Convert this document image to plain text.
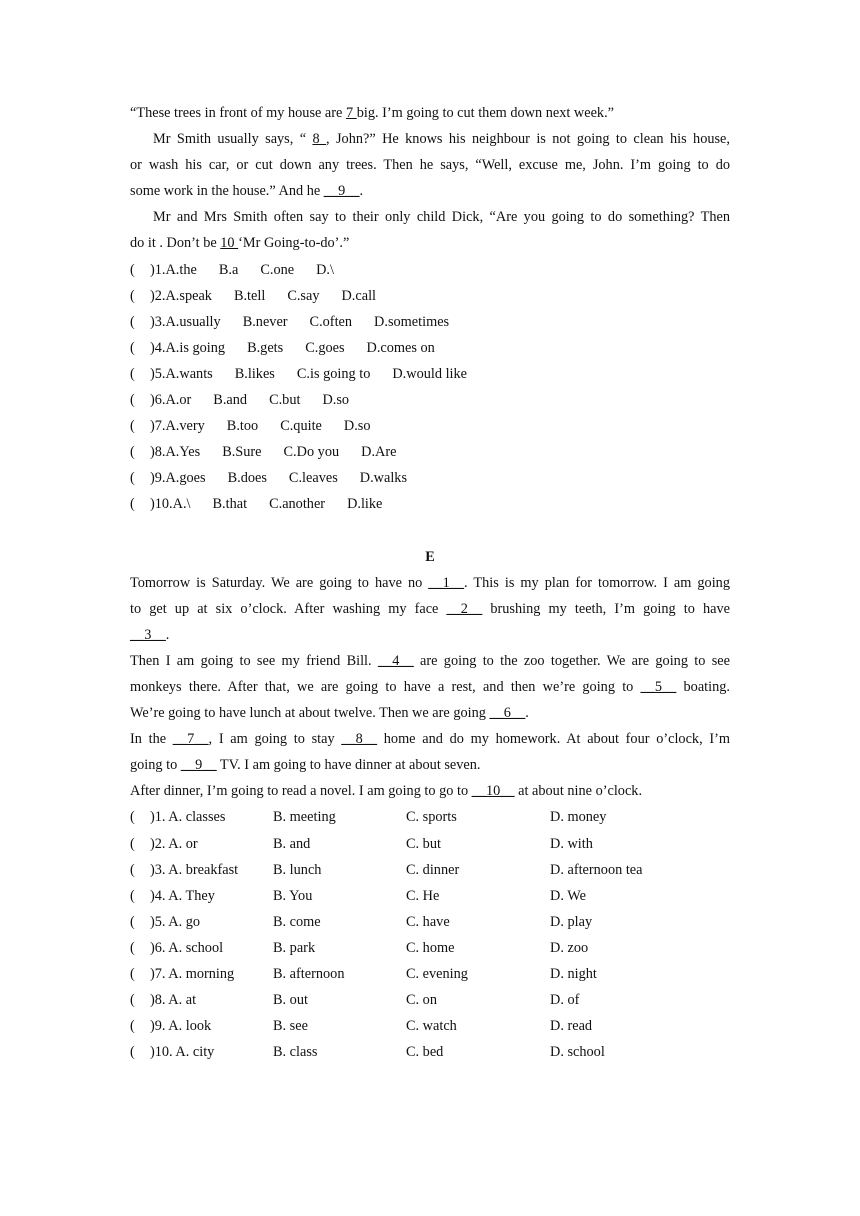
“These trees in front of my house are 7 big. I’m going to cut them down next week.”
Mr Smith usually says, “ 8 , John?” He knows his neighbour is not going to clean his house,
or wash his car, or cut down any trees. Then he says, “Well, excuse me, John. I’m going to do
some work in the house.” And he __9__.
Mr and Mrs Smith often say to their only child Dick, “Are you going to do something? Then
do it . Don’t be 10 ‘Mr Going-to-do’.”
(	)1.A.the B.a C.one D.\
(	)2.A.speak B.tell C.say D.call
(	)3.A.usually B.never C.often D.sometimes
(	)4.A.is going B.gets C.goes D.comes on
(	)5.A.wants B.likes C.is going to D.would like
(	)6.A.or B.and C.but D.so
(	)7.A.very B.too C.quite D.so
(	)8.A.Yes B.Sure C.Do you D.Are
(	)9.A.goes B.does C.leaves D.walks
(	)10.A.\ B.that C.another D.like
E
Tomorrow is Saturday. We are going to have no __1__. This is my plan for tomorrow. I am going
to get up at six o’clock. After washing my face __2__ brushing my teeth, I’m going to have
__3__.
Then I am going to see my friend Bill. __4__ are going to the zoo together. We are going to see
monkeys there. After that, we are going to have a rest, and then we’re going to __5__ boating.
We’re going to have lunch at about twelve. Then we are going __6__.
In the __7__, I am going to stay __8__ home and do my homework. At about four o’clock, I’m
going to __9__ TV. I am going to have dinner at about seven.
After dinner, I’m going to read a novel. I am going to go to __10__ at about nine o’clock.
(	)1. A. classes	B. meeting	C. sports	D. money
(	)2. A. or	B. and	C. but	D. with
(	)3. A. breakfast	B. lunch	C. dinner	D. afternoon tea
(	)4. A. They	B. You	C. He	D. We
(	)5. A. go	B. come	C. have	D. play
(	)6. A. school	B. park	C. home	D. zoo
(	)7. A. morning	B. afternoon	C. evening	D. night
(	)8. A. at	B. out	C. on	D. of
(	)9. A. look	B. see	C. watch	D. read
(	)10. A. city	B. class	C. bed	D. school
